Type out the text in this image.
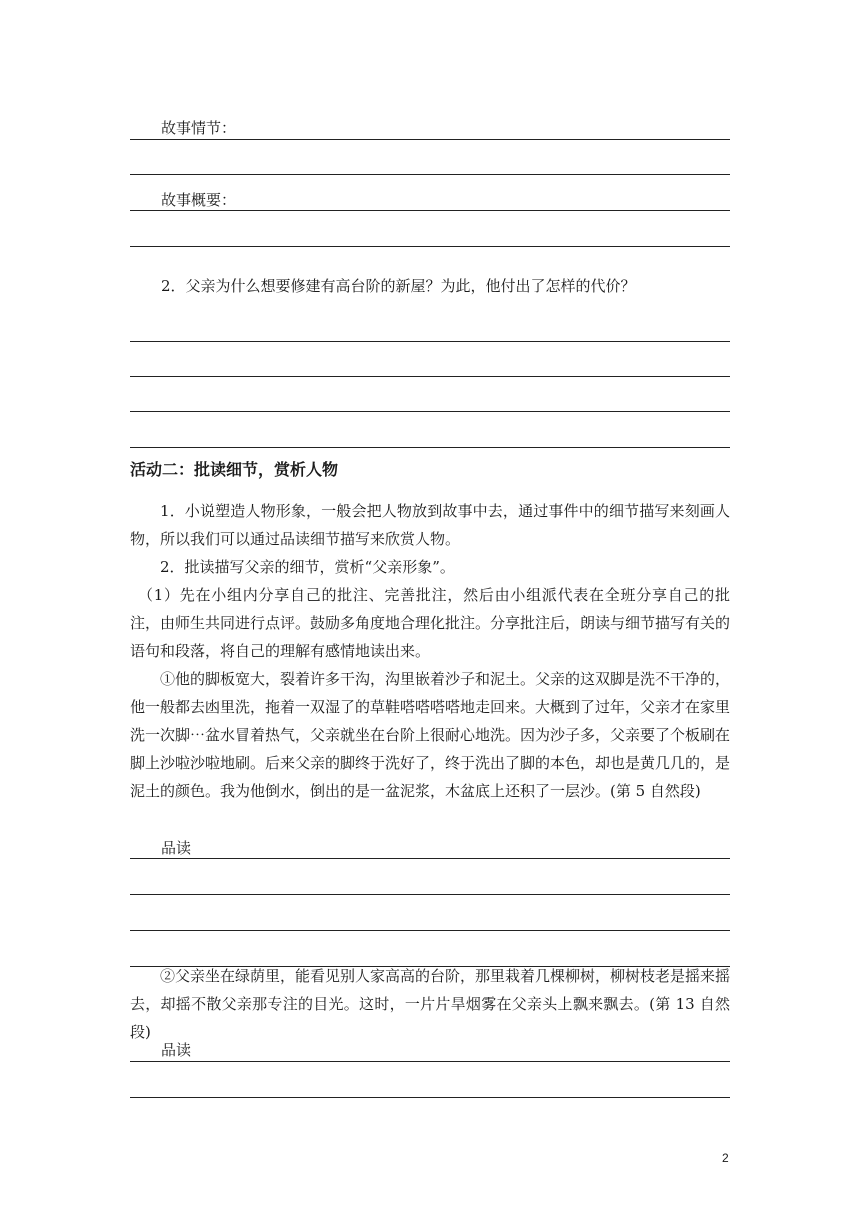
故事情节：
故事概要：
2．父亲为什么想要修建有高台阶的新屋？为此，他付出了怎样的代价？
活动二：批读细节，赏析人物

1．小说塑造人物形象，一般会把人物放到故事中去，通过事件中的细节描写来刻画人物，所以我们可以通过品读细节描写来欣赏人物。

2．批读描写父亲的细节，赏析“父亲形象”。

（1）先在小组内分享自己的批注、完善批注，然后由小组派代表在全班分享自己的批注，由师生共同进行点评。鼓励多角度地合理化批注。分享批注后，朗读与细节描写有关的语句和段落，将自己的理解有感情地读出来。

①他的脚板宽大，裂着许多干沟，沟里嵌着沙子和泥土。父亲的这双脚是洗不干净的，他一般都去凼里洗，拖着一双湿了的草鞋嗒嗒嗒嗒地走回来。大概到了过年，父亲才在家里洗一次脚⋯盆水冒着热气，父亲就坐在台阶上很耐心地洗。因为沙子多，父亲要了个板刷在脚上沙啦沙啦地刷。后来父亲的脚终于洗好了，终于洗出了脚的本色，却也是黄几几的，是泥土的颜色。我为他倒水，倒出的是一盆泥浆，木盆底上还积了一层沙。(第 5 自然段)

品读

②父亲坐在绿荫里，能看见别人家高高的台阶，那里栽着几棵柳树，柳树枝老是摇来摇去，却摇不散父亲那专注的目光。这时，一片片旱烟雾在父亲头上飘来飘去。(第 13 自然段)

品读
2
